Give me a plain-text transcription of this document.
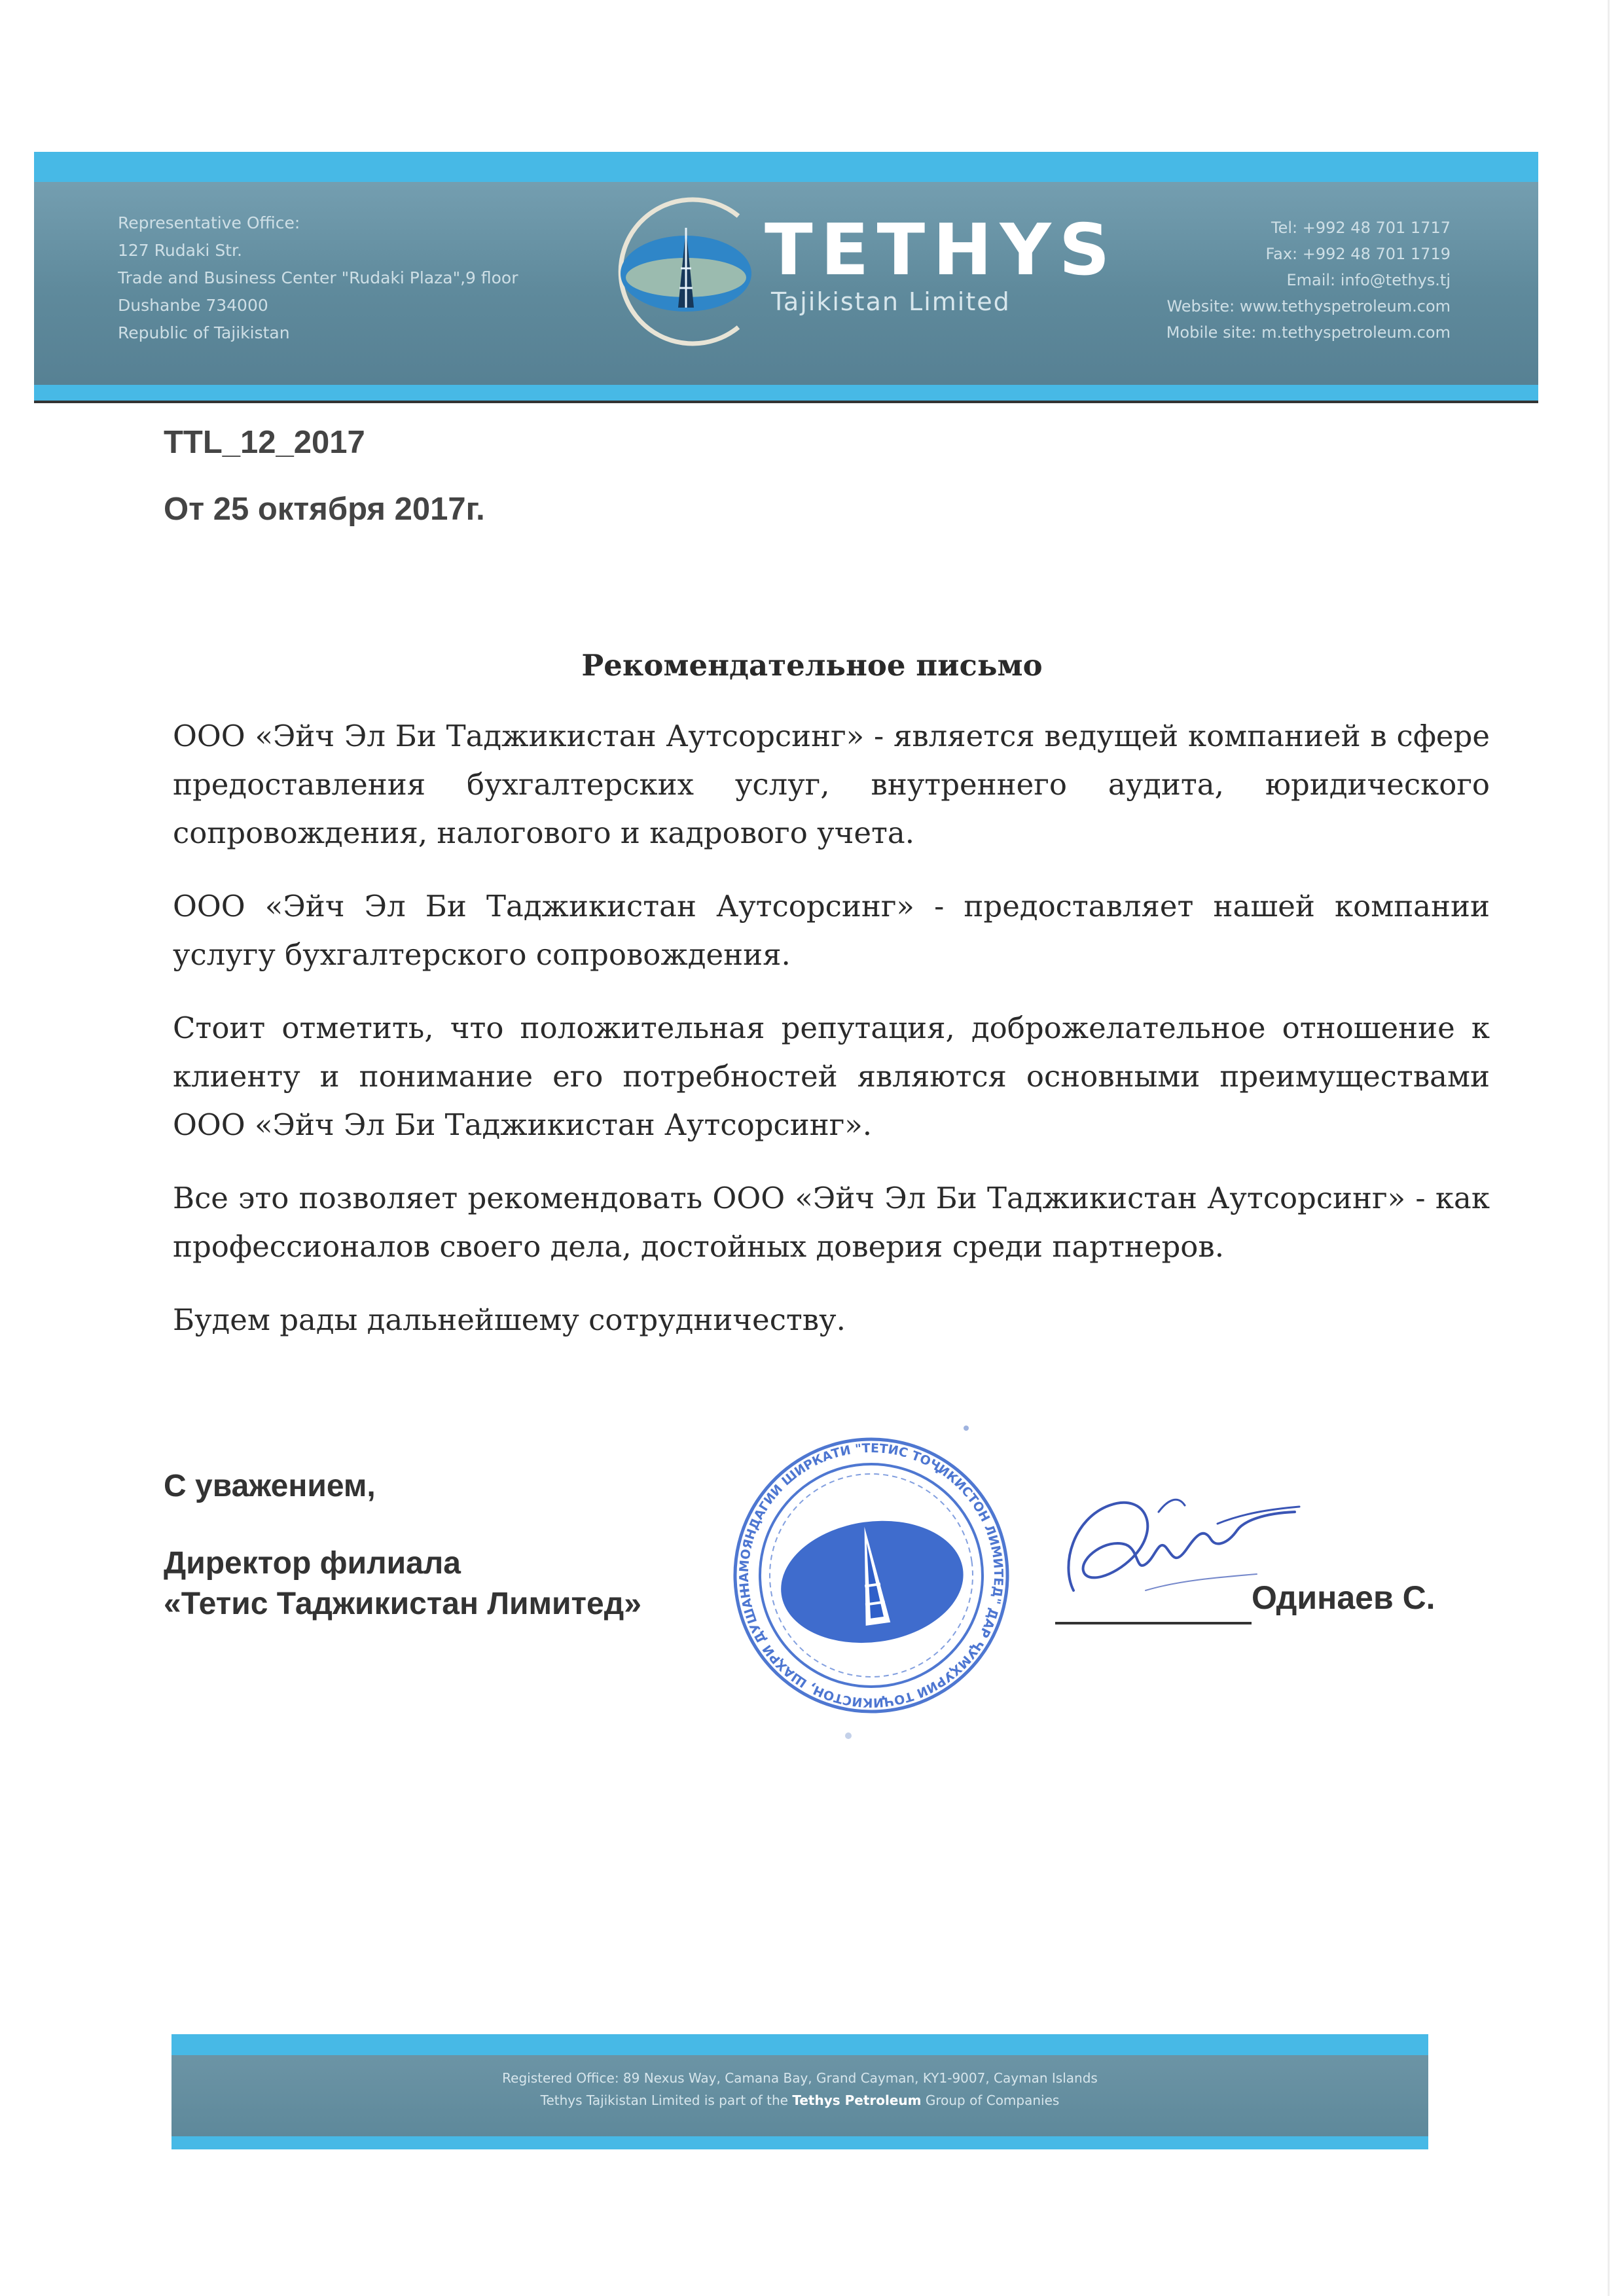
Representative Office:
127 Rudaki Str.
Trade and Business Center "Rudaki Plaza",9 floor
Dushanbe 734000
Republic of Tajikistan
TETHYS
Tajikistan Limited
Tel: +992 48 701 1717
Fax: +992 48 701 1719
Email: info@tethys.tj
Website: www.tethyspetroleum.com
Mobile site: m.tethyspetroleum.com
TTL_12_2017
От 25 октября 2017г.
Рекомендательное письмо

ООО «Эйч Эл Би Таджикистан Аутсорсинг» - является ведущей компанией в сфере предоставления бухгалтерских услуг, внутреннего аудита, юридического сопровождения, налогового и кадрового учета.

ООО «Эйч Эл Би Таджикистан Аутсорсинг» - предоставляет нашей компании услугу бухгалтерского сопровождения.

Стоит отметить, что положительная репутация, доброжелательное отношение к клиенту и понимание его потребностей являются основными преимуществами ООО «Эйч Эл Би Таджикистан Аутсорсинг».

Все это позволяет рекомендовать ООО «Эйч Эл Би Таджикистан Аутсорсинг» - как профессионалов своего дела, достойных доверия среди партнеров.

Будем рады дальнейшему сотрудничеству.

С уважением,
Директор филиала
«Тетис Таджикистан Лимитед»	НАМОЯНДАГИИ ШИРКАТИ "ТЕТИС ТОҶИКИСТОН ЛИМИТЕД" ДАР ҶУМҲУРИИ ТОҶИКИСТОН, ШАҲРИ ДУШАНБЕ
Одинаев С.
Registered Office: 89 Nexus Way, Camana Bay, Grand Cayman, KY1-9007, Cayman Islands
Tethys Tajikistan Limited is part of the Tethys Petroleum Group of Companies
